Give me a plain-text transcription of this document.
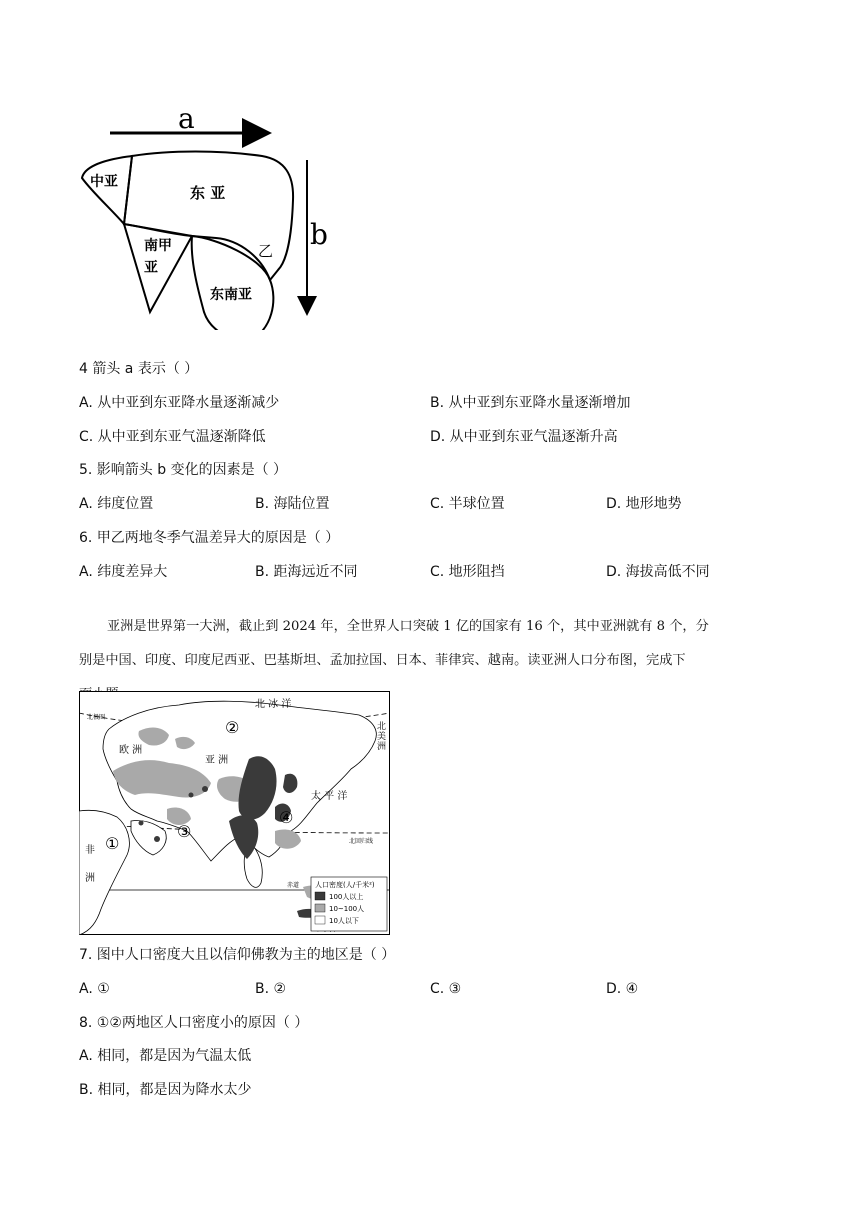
a
b
中亚
东 亚
南甲
亚
乙
东南亚
4 箭头 a 表示（ ）
A. 从中亚到东亚降水量逐渐减少	B. 从中亚到东亚降水量逐渐增加
C. 从中亚到东亚气温逐渐降低	D. 从中亚到东亚气温逐渐升高
5. 影响箭头 b 变化的因素是（ ）
A. 纬度位置	B. 海陆位置	C. 半球位置	D. 地形地势
6. 甲乙两地冬季气温差异大的原因是（ ）
A. 纬度差异大	B. 距海远近不同	C. 地形阻挡	D. 海拔高低不同
亚洲是世界第一大洲，截止到 2024 年，全世界人口突破 1 亿的国家有 16 个，其中亚洲就有 8 个，分
别是中国、印度、印度尼西亚、巴基斯坦、孟加拉国、日本、菲律宾、越南。读亚洲人口分布图，完成下
①
②
③
④
北 冰 洋
欧 洲
亚 洲
太 平 洋
非
洲
北
美
洲
北极圈
北回归线
赤道 人口密度(人/千米²)
100人以上
10~100人
10人以下
7. 图中人口密度大且以信仰佛教为主的地区是（ ）
A. ①	B. ②	C. ③	D. ④
8. ①②两地区人口密度小的原因（ ）
A. 相同，都是因为气温太低
B. 相同，都是因为降水太少
